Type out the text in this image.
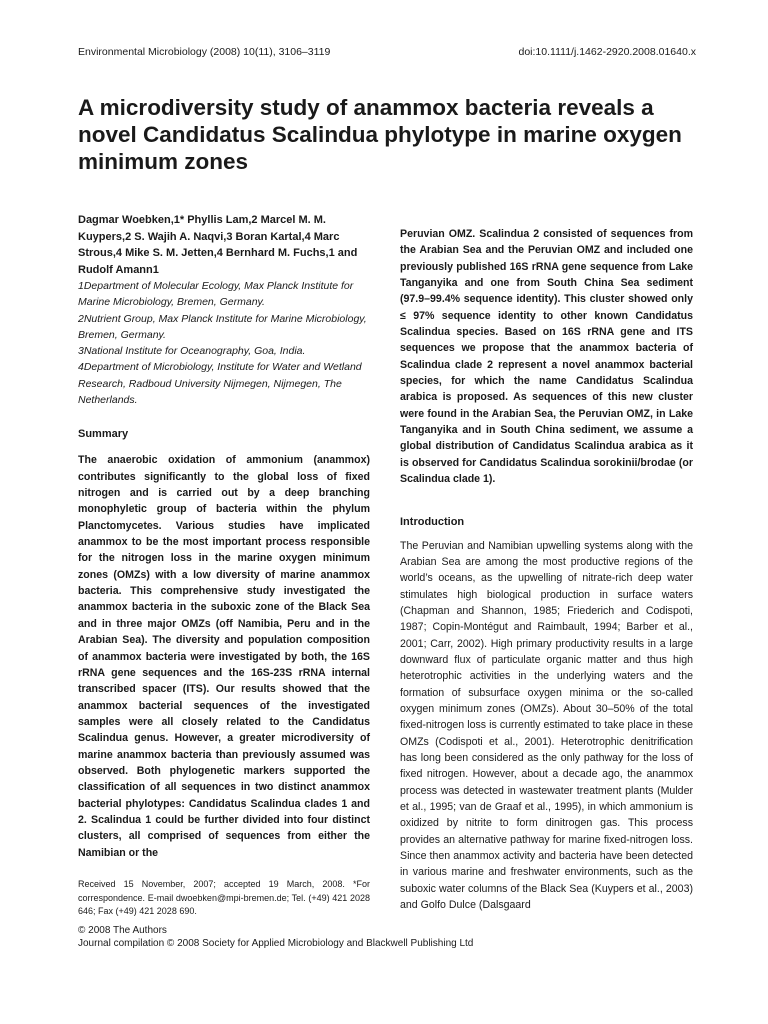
Environmental Microbiology (2008) 10(11), 3106–3119	doi:10.1111/j.1462-2920.2008.01640.x
A microdiversity study of anammox bacteria reveals a novel Candidatus Scalindua phylotype in marine oxygen minimum zones

Dagmar Woebken,1* Phyllis Lam,2 Marcel M. M. Kuypers,2 S. Wajih A. Naqvi,3 Boran Kartal,4 Marc Strous,4 Mike S. M. Jetten,4 Bernhard M. Fuchs,1 and Rudolf Amann1

1Department of Molecular Ecology, Max Planck Institute for Marine Microbiology, Bremen, Germany.
2Nutrient Group, Max Planck Institute for Marine Microbiology, Bremen, Germany.
3National Institute for Oceanography, Goa, India.
4Department of Microbiology, Institute for Water and Wetland Research, Radboud University Nijmegen, Nijmegen, The Netherlands.

Summary

The anaerobic oxidation of ammonium (anammox) contributes significantly to the global loss of fixed nitrogen and is carried out by a deep branching monophyletic group of bacteria within the phylum Planctomycetes. Various studies have implicated anammox to be the most important process responsible for the nitrogen loss in the marine oxygen minimum zones (OMZs) with a low diversity of marine anammox bacteria. This comprehensive study investigated the anammox bacteria in the suboxic zone of the Black Sea and in three major OMZs (off Namibia, Peru and in the Arabian Sea). The diversity and population composition of anammox bacteria were investigated by both, the 16S rRNA gene sequences and the 16S-23S rRNA internal transcribed spacer (ITS). Our results showed that the anammox bacterial sequences of the investigated samples were all closely related to the Candidatus Scalindua genus. However, a greater microdiversity of marine anammox bacteria than previously assumed was observed. Both phylogenetic markers supported the classification of all sequences in two distinct anammox bacterial phylotypes: Candidatus Scalindua clades 1 and 2. Scalindua 1 could be further divided into four distinct clusters, all comprised of sequences from either the Namibian or the

Peruvian OMZ. Scalindua 2 consisted of sequences from the Arabian Sea and the Peruvian OMZ and included one previously published 16S rRNA gene sequence from Lake Tanganyika and one from South China Sea sediment (97.9–99.4% sequence identity). This cluster showed only ≤ 97% sequence identity to other known Candidatus Scalindua species. Based on 16S rRNA gene and ITS sequences we propose that the anammox bacteria of Scalindua clade 2 represent a novel anammox bacterial species, for which the name Candidatus Scalindua arabica is proposed. As sequences of this new cluster were found in the Arabian Sea, the Peruvian OMZ, in Lake Tanganyika and in South China sediment, we assume a global distribution of Candidatus Scalindua arabica as it is observed for Candidatus Scalindua sorokinii/brodae (or Scalindua clade 1).

Introduction

The Peruvian and Namibian upwelling systems along with the Arabian Sea are among the most productive regions of the world’s oceans, as the upwelling of nitrate-rich deep water stimulates high biological production in surface waters (Chapman and Shannon, 1985; Friederich and Codispoti, 1987; Copin-Montégut and Raimbault, 1994; Barber et al., 2001; Carr, 2002). High primary productivity results in a large downward flux of particulate organic matter and thus high heterotrophic activities in the underlying waters and the formation of subsurface oxygen minima or the so-called oxygen minimum zones (OMZs). About 30–50% of the total fixed-nitrogen loss is currently estimated to take place in these OMZs (Codispoti et al., 2001). Heterotrophic denitrification has long been considered as the only pathway for the loss of fixed nitrogen. However, about a decade ago, the anammox process was detected in wastewater treatment plants (Mulder et al., 1995; van de Graaf et al., 1995), in which ammonium is oxidized by nitrite to form dinitrogen gas. This process provides an alternative pathway for marine fixed-nitrogen loss. Since then anammox activity and bacteria have been detected in various marine and freshwater environments, such as the suboxic water columns of the Black Sea (Kuypers et al., 2003) and Golfo Dulce (Dalsgaard

Received 15 November, 2007; accepted 19 March, 2008. *For correspondence. E-mail dwoebken@mpi-bremen.de; Tel. (+49) 421 2028 646; Fax (+49) 421 2028 690.

© 2008 The Authors
Journal compilation © 2008 Society for Applied Microbiology and Blackwell Publishing Ltd
